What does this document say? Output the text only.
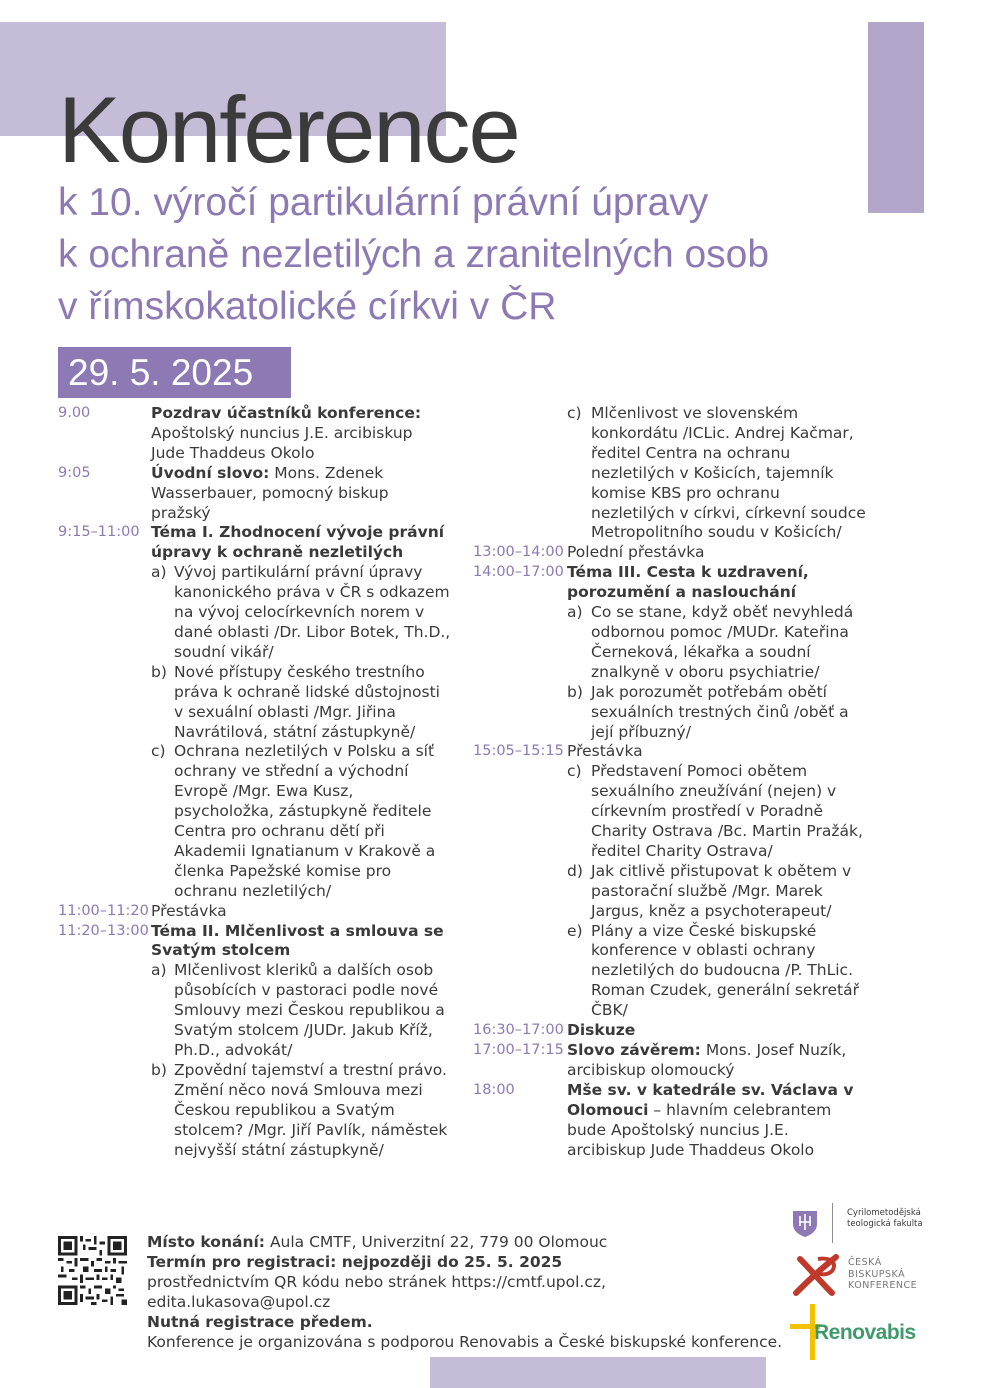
Konference
k 10. výročí partikulární právní úpravy
k ochraně nezletilých a zranitelných osob
v římskokatolické církvi v ČR
29. 5. 2025
9.00	Pozdrav účastníků konference:
Apoštolský nuncius J.E. arcibiskup Jude Thaddeus Okolo
9:05	Úvodní slovo: Mons. Zdenek Wasserbauer, pomocný biskup pražský
9:15–11:00 Téma I. Zhodnocení vývoje právní úpravy k ochraně nezletilých
a) Vývoj partikulární právní úpravy kanonického práva v ČR s odkazem na vývoj celocírkevních norem v dané oblasti /Dr. Libor Botek, Th.D., soudní vikář/
b) Nové přístupy českého trestního práva k ochraně lidské důstojnosti v sexuální oblasti /Mgr. Jiřina Navrátilová, státní zástupkyně/
c) Ochrana nezletilých v Polsku a síť ochrany ve střední a východní Evropě /Mgr. Ewa Kusz, psycholožka, zástupkyně ředitele Centra pro ochranu dětí při Akademii Ignatianum v Krakově a členka Papežské komise pro ochranu nezletilých/
11:00–11:20 Přestávka
11:20–13:00 Téma II. Mlčenlivost a smlouva se Svatým stolcem
a) Mlčenlivost kleriků a dalších osob působících v pastoraci podle nové Smlouvy mezi Českou republikou a Svatým stolcem /JUDr. Jakub Kříž, Ph.D., advokát/
b) Zpovědní tajemství a trestní právo. Změní něco nová Smlouva mezi Českou republikou a Svatým stolcem? /Mgr. Jiří Pavlík, náměstek nejvyšší státní zástupkyně/
c) Mlčenlivost ve slovenském konkordátu /ICLic. Andrej Kačmar, ředitel Centra na ochranu nezletilých v Košicích, tajemník komise KBS pro ochranu nezletilých v církvi, církevní soudce Metropolitního soudu v Košicích/
13:00–14:00 Polední přestávka
14:00–17:00 Téma III. Cesta k uzdravení, porozumění a naslouchání
a) Co se stane, když oběť nevyhledá odbornou pomoc /MUDr. Kateřina Černeková, lékařka a soudní znalkyně v oboru psychiatrie/
b) Jak porozumět potřebám obětí sexuálních trestných činů /oběť a její příbuzný/
15:05–15:15 Přestávka
c) Představení Pomoci obětem sexuálního zneužívání (nejen) v církevním prostředí v Poradně Charity Ostrava /Bc. Martin Pražák, ředitel Charity Ostrava/
d) Jak citlivě přistupovat k obětem v pastorační službě /Mgr. Marek Jargus, kněz a psychoterapeut/
e) Plány a vize České biskupské konference v oblasti ochrany nezletilých do budoucna /P. ThLic. Roman Czudek, generální sekretář ČBK/
16:30–17:00 Diskuze
17:00–17:15 Slovo závěrem: Mons. Josef Nuzík, arcibiskup olomoucký
18:00	Mše sv. v katedrále sv. Václava v Olomouci – hlavním celebrantem bude Apoštolský nuncius J.E. arcibiskup Jude Thaddeus Okolo
Místo konání: Aula CMTF, Univerzitní 22, 779 00 Olomouc
Termín pro registraci: nejpozději do 25. 5. 2025
prostřednictvím QR kódu nebo stránek https://cmtf.upol.cz, edita.lukasova@upol.cz
Nutná registrace předem.
Konference je organizována s podporou Renovabis a České biskupské konference.
Cyrilometodějská
teologická fakulta
ČESKÁ
BISKUPSKÁ
KONFERENCE
Renovabis
